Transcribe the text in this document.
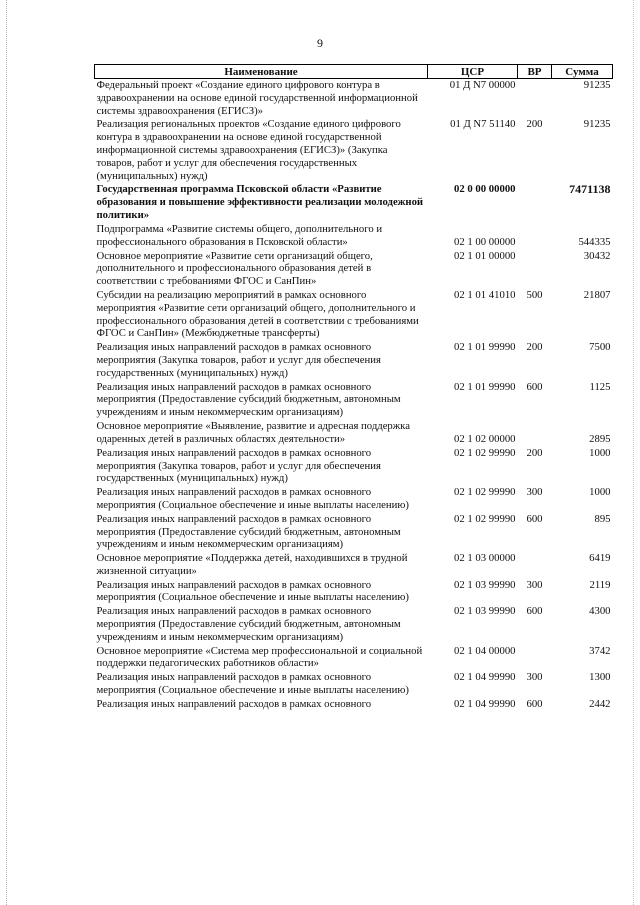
9
Наименование	ЦСР	ВР	Сумма
Федеральный проект «Создание единого цифрового контура в здравоохранении на основе единой государственной информационной системы здравоохранения (ЕГИСЗ)»	01 Д N7 00000		91235
Реализация региональных проектов «Создание единого цифрового контура в здравоохранении на основе единой государственной информационной системы здравоохранения (ЕГИСЗ)» (Закупка товаров, работ и услуг для обеспечения государственных (муниципальных) нужд)	01 Д N7 51140	200	91235
Государственная программа Псковской области «Развитие образования и повышение эффективности реализации молодежной политики»	02 0 00 00000		7471138
Подпрограмма «Развитие системы общего, дополнительного и профессионального образования в Псковской области»	02 1 00 00000		544335
Основное мероприятие «Развитие сети организаций общего, дополнительного и профессионального образования детей в соответствии с требованиями ФГОС и СанПин»	02 1 01 00000		30432
Субсидии на реализацию мероприятий в рамках основного мероприятия «Развитие сети организаций общего, дополнительного и профессионального образования детей в соответствии с требованиями ФГОС и СанПин» (Межбюджетные трансферты)	02 1 01 41010	500	21807
Реализация иных направлений расходов в рамках основного мероприятия (Закупка товаров, работ и услуг для обеспечения государственных (муниципальных) нужд)	02 1 01 99990	200	7500
Реализация иных направлений расходов в рамках основного мероприятия (Предоставление субсидий бюджетным, автономным учреждениям и иным некоммерческим организациям)	02 1 01 99990	600	1125
Основное мероприятие «Выявление, развитие и адресная поддержка одаренных детей в различных областях деятельности»	02 1 02 00000		2895
Реализация иных направлений расходов в рамках основного мероприятия (Закупка товаров, работ и услуг для обеспечения государственных (муниципальных) нужд)	02 1 02 99990	200	1000
Реализация иных направлений расходов в рамках основного мероприятия (Социальное обеспечение и иные выплаты населению)	02 1 02 99990	300	1000
Реализация иных направлений расходов в рамках основного мероприятия (Предоставление субсидий бюджетным, автономным учреждениям и иным некоммерческим организациям)	02 1 02 99990	600	895
Основное мероприятие «Поддержка детей, находившихся в трудной жизненной ситуации»	02 1 03 00000		6419
Реализация иных направлений расходов в рамках основного мероприятия (Социальное обеспечение и иные выплаты населению)	02 1 03 99990	300	2119
Реализация иных направлений расходов в рамках основного мероприятия (Предоставление субсидий бюджетным, автономным учреждениям и иным некоммерческим организациям)	02 1 03 99990	600	4300
Основное мероприятие «Система мер профессиональной и социальной поддержки педагогических работников области»	02 1 04 00000		3742
Реализация иных направлений расходов в рамках основного мероприятия (Социальное обеспечение и иные выплаты населению)	02 1 04 99990	300	1300
Реализация иных направлений расходов в рамках основного	02 1 04 99990	600	2442
